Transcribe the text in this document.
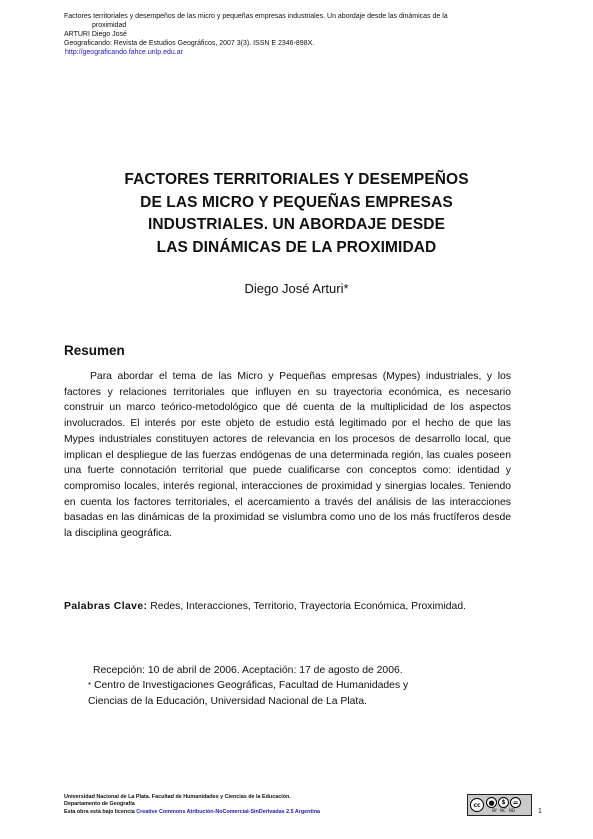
Factores territoriales y desempeños de las micro y pequeñas empresas industriales. Un abordaje desde las dinámicas de la
proximidad
ARTURI Diego José
Geograficando: Revista de Estudios Geográficos, 2007 3(3). ISSN E 2346-898X.
http://geograficando.fahce.unlp.edu.ar
FACTORES TERRITORIALES Y DESEMPEÑOS
DE LAS MICRO Y PEQUEÑAS EMPRESAS
INDUSTRIALES. UN ABORDAJE DESDE
LAS DINÁMICAS DE LA PROXIMIDAD
Diego José Arturi*
Resumen

Para abordar el tema de las Micro y Pequeñas empresas (Mypes) industriales, y los factores y relaciones territoriales que influyen en su trayectoria económica, es necesario construir un marco teórico-metodológico que dé cuenta de la multiplicidad de los aspectos involucrados. El interés por este objeto de estudio está legitimado por el hecho de que las Mypes industriales constituyen actores de relevancia en los procesos de desarrollo local, que implican el despliegue de las fuerzas endógenas de una determinada región, las cuales poseen una fuerte connotación territorial que puede cualificarse con conceptos como: identidad y compromiso locales, interés regional, interacciones de proximidad y sinergias locales. Teniendo en cuenta los factores territoriales, el acercamiento a través del análisis de las interacciones basadas en las dinámicas de la proximidad se vislumbra como uno de los más fructíferos desde la disciplina geográfica.

Palabras Clave: Redes, Interacciones, Territorio, Trayectoria Económica, Proximidad.

Recepción: 10 de abril de 2006. Aceptación: 17 de agosto de 2006.
* Centro de Investigaciones Geográficas, Facultad de Humanidades y
Ciencias de la Educación, Universidad Nacional de La Plata.
Universidad Nacional de La Plata. Facultad de Humanidades y Ciencias de la Educación.
Departamento de Geografía
Esta obra está bajo licencia Creative Commons Atribución-NoComercial-SinDerivadas 2.5 Argentina
cc	●	$ =
BY NC ND	1
